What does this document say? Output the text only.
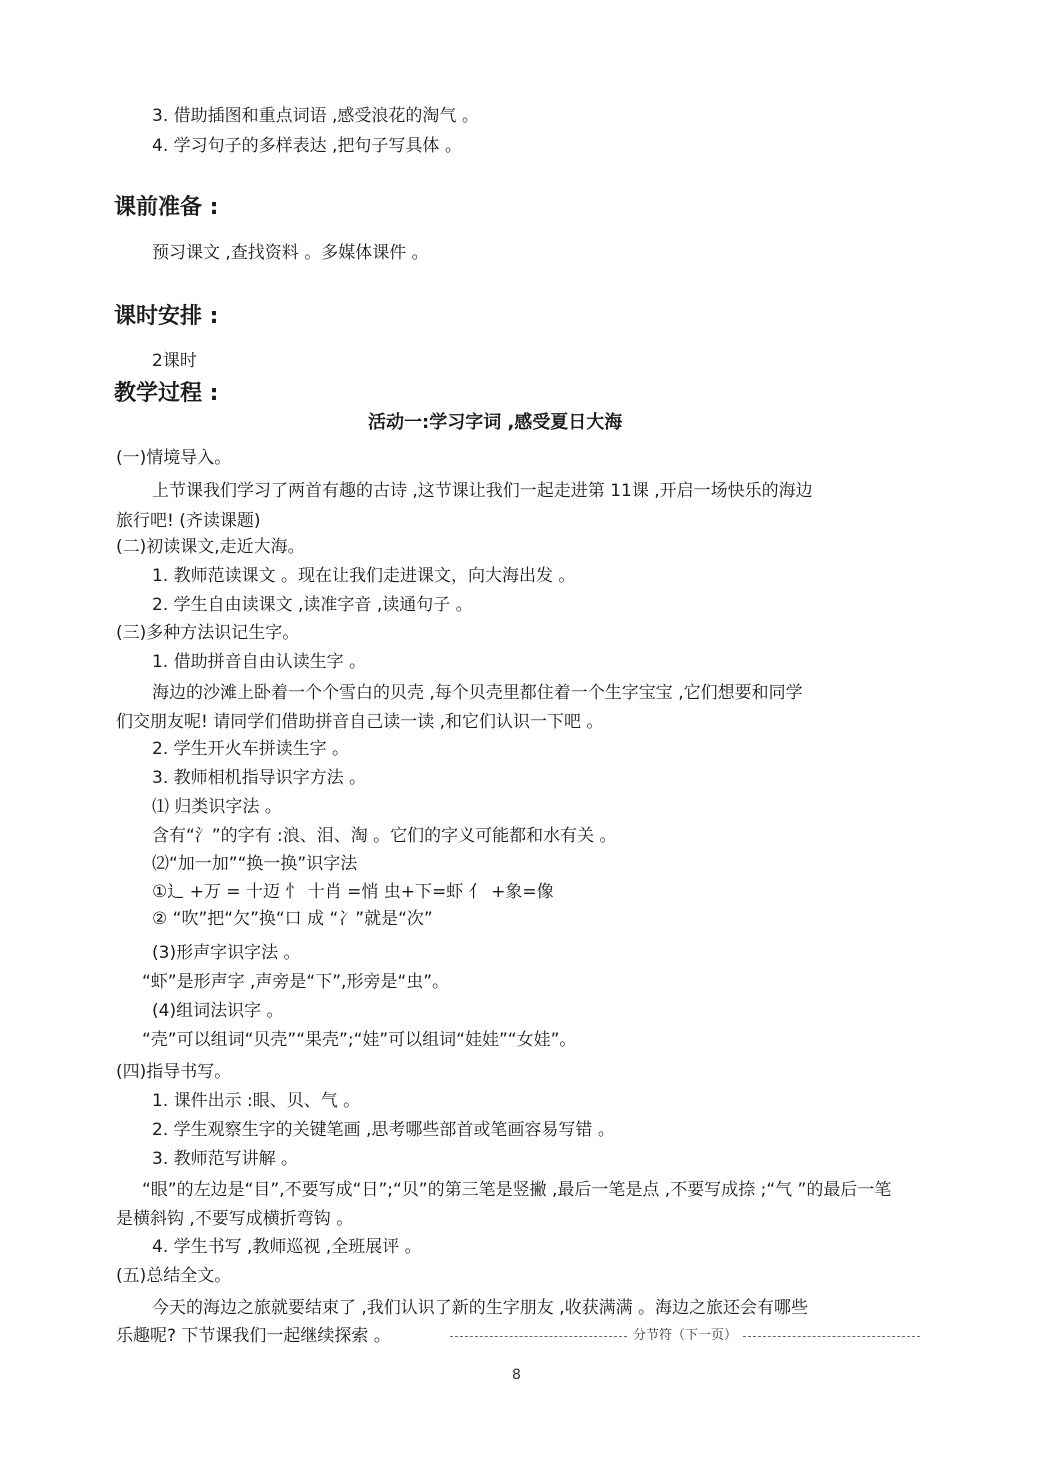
3. 借助插图和重点词语 ,感受浪花的淘气 。
4. 学习句子的多样表达 ,把句子写具体 。
课前准备 :
预习课文 ,查找资料 。多媒体课件 。
课时安排 :
2课时
教学过程 :
活动一:学习字词 ,感受夏日大海
(一)情境导入。
上节课我们学习了两首有趣的古诗 ,这节课让我们一起走进第 11课 ,开启一场快乐的海边
旅行吧! (齐读课题)
(二)初读课文,走近大海。
1. 教师范读课文 。现在让我们走进课文，向大海出发 。
2. 学生自由读课文 ,读准字音 ,读通句子 。
(三)多种方法识记生字。
1. 借助拼音自由认读生字 。
海边的沙滩上卧着一个个雪白的贝壳 ,每个贝壳里都住着一个生字宝宝 ,它们想要和同学
们交朋友呢! 请同学们借助拼音自己读一读 ,和它们认识一下吧 。
2. 学生开火车拼读生字 。
3. 教师相机指导识字方法 。
⑴ 归类识字法 。
含有“氵”的字有 :浪、泪、淘 。它们的字义可能都和水有关 。
⑵“加一加”“换一换”识字法
①辶 +万 = 十迈 忄 十肖 =悄 虫+下=虾 亻 +象=像
② “吹”把“欠”换“口 成 “冫”就是“次”
(3)形声字识字法 。
“虾”是形声字 ,声旁是“下”,形旁是“虫”。
(4)组词法识字 。
“壳”可以组词“贝壳”“果壳”;“娃”可以组词“娃娃”“女娃”。
(四)指导书写。
1. 课件出示 :眼、贝、气 。
2. 学生观察生字的关键笔画 ,思考哪些部首或笔画容易写错 。
3. 教师范写讲解 。
“眼”的左边是“目”,不要写成“日”;“贝”的第三笔是竖撇 ,最后一笔是点 ,不要写成捺 ;“气 ”的最后一笔
是横斜钩 ,不要写成横折弯钩 。
4. 学生书写 ,教师巡视 ,全班展评 。
(五)总结全文。
今天的海边之旅就要结束了 ,我们认识了新的生字朋友 ,收获满满 。海边之旅还会有哪些
乐趣呢? 下节课我们一起继续探索 。	分节符（下一页）
8
